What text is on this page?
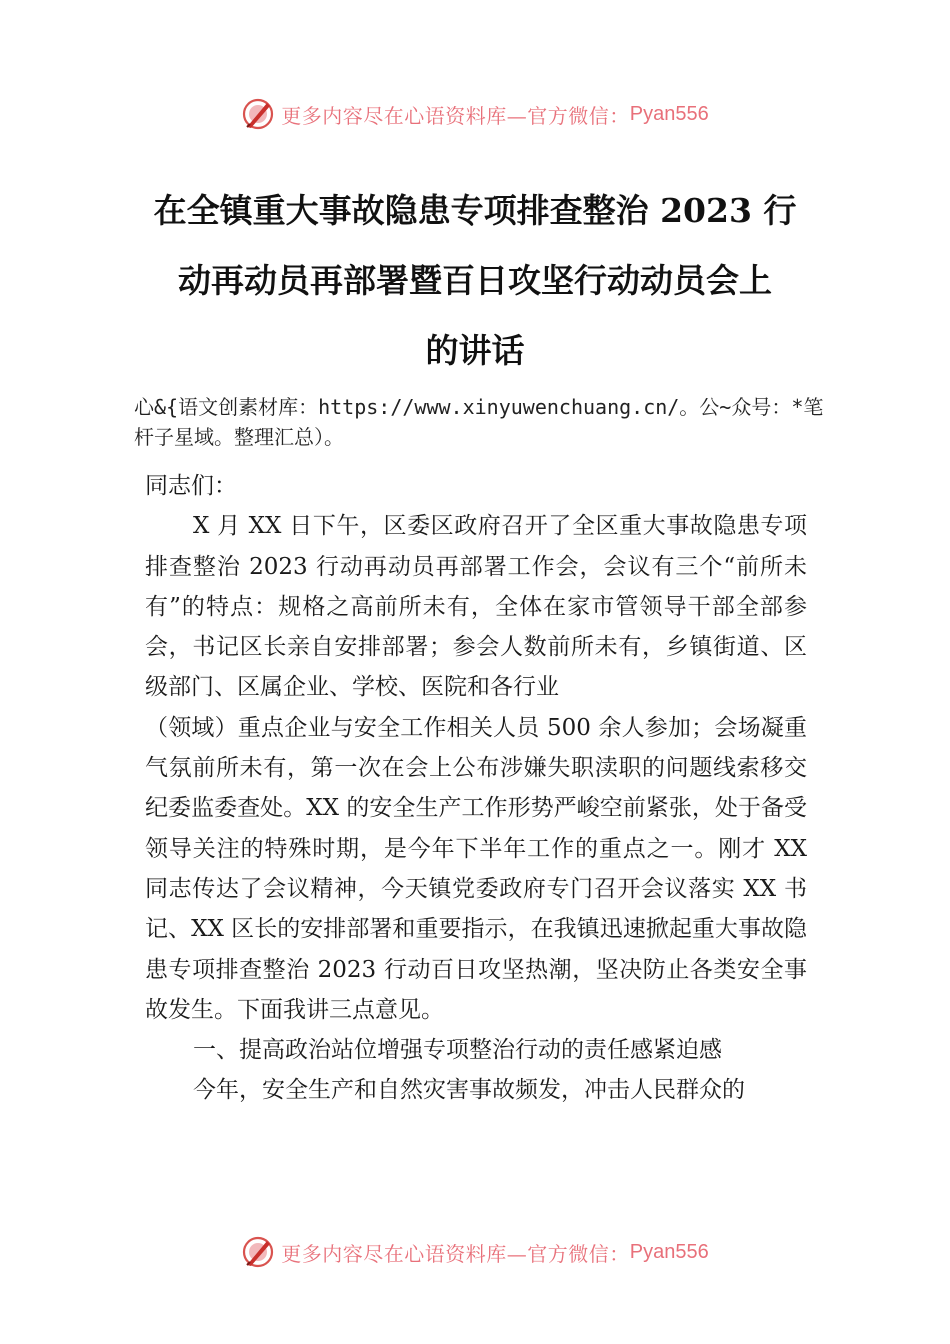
更多内容尽在心语资料库—官方微信： Pyan556
在全镇重大事故隐患专项排查整治 2023 行
动再动员再部署暨百日攻坚行动动员会上
的讲话
心&{语文创素材库：https://www.xinyuwenchuang.cn/。公~众号：*笔杆子星域。整理汇总）。

同志们：

X 月 XX 日下午，区委区政府召开了全区重大事故隐患专项排查整治 2023 行动再动员再部署工作会，会议有三个“前所未有”的特点：规格之高前所未有，全体在家市管领导干部全部参会，书记区长亲自安排部署；参会人数前所未有，乡镇街道、区级部门、区属企业、学校、医院和各行业

（领域）重点企业与安全工作相关人员 500 余人参加；会场凝重气氛前所未有，第一次在会上公布涉嫌失职渎职的问题线索移交纪委监委查处。XX 的安全生产工作形势严峻空前紧张，处于备受领导关注的特殊时期，是今年下半年工作的重点之一。刚才 XX 同志传达了会议精神，今天镇党委政府专门召开会议落实 XX 书记、XX 区长的安排部署和重要指示，在我镇迅速掀起重大事故隐患专项排查整治 2023 行动百日攻坚热潮，坚决防止各类安全事故发生。下面我讲三点意见。

一、提高政治站位增强专项整治行动的责任感紧迫感

今年，安全生产和自然灾害事故频发，冲击人民群众的

更多内容尽在心语资料库—官方微信： Pyan556
